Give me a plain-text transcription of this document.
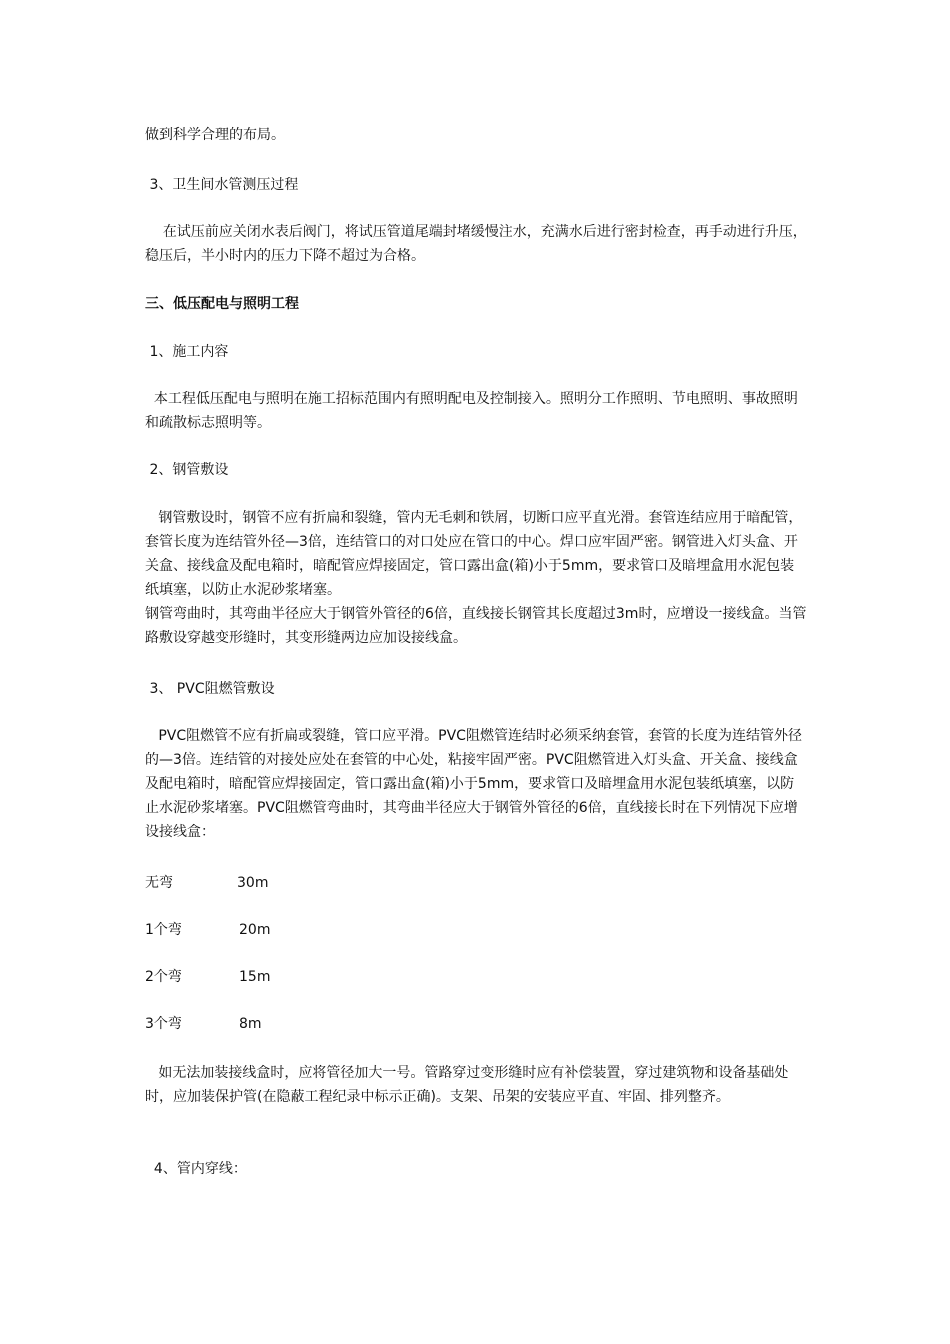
做到科学合理的布局。

3、卫生间水管测压过程

在试压前应关闭水表后阀门，将试压管道尾端封堵缓慢注水，充满水后进行密封检查，再手动进行升压，稳压后，半小时内的压力下降不超过为合格。

三、低压配电与照明工程

1、施工内容

本工程低压配电与照明在施工招标范围内有照明配电及控制接入。照明分工作照明、节电照明、事故照明和疏散标志照明等。

2、钢管敷设

钢管敷设时，钢管不应有折扁和裂缝，管内无毛刺和铁屑，切断口应平直光滑。套管连结应用于暗配管，套管长度为连结管外径—3倍，连结管口的对口处应在管口的中心。焊口应牢固严密。钢管进入灯头盒、开关盒、接线盒及配电箱时，暗配管应焊接固定，管口露出盒(箱)小于5mm，要求管口及暗埋盒用水泥包装纸填塞，以防止水泥砂浆堵塞。
钢管弯曲时，其弯曲半径应大于钢管外管径的6倍，直线接长钢管其长度超过3m时，应增设一接线盒。当管路敷设穿越变形缝时，其变形缝两边应加设接线盒。

3、 PVC阻燃管敷设

PVC阻燃管不应有折扁或裂缝，管口应平滑。PVC阻燃管连结时必须采纳套管，套管的长度为连结管外径的—3倍。连结管的对接处应处在套管的中心处，粘接牢固严密。PVC阻燃管进入灯头盒、开关盒、接线盒及配电箱时，暗配管应焊接固定，管口露出盒(箱)小于5mm，要求管口及暗埋盒用水泥包装纸填塞，以防止水泥砂浆堵塞。PVC阻燃管弯曲时，其弯曲半径应大于钢管外管径的6倍，直线接长时在下列情况下应增设接线盒：

无弯	30m
1个弯	20m
2个弯	15m
3个弯	8m

如无法加装接线盒时，应将管径加大一号。管路穿过变形缝时应有补偿装置，穿过建筑物和设备基础处时，应加装保护管(在隐蔽工程纪录中标示正确)。支架、吊架的安装应平直、牢固、排列整齐。

4、管内穿线：
